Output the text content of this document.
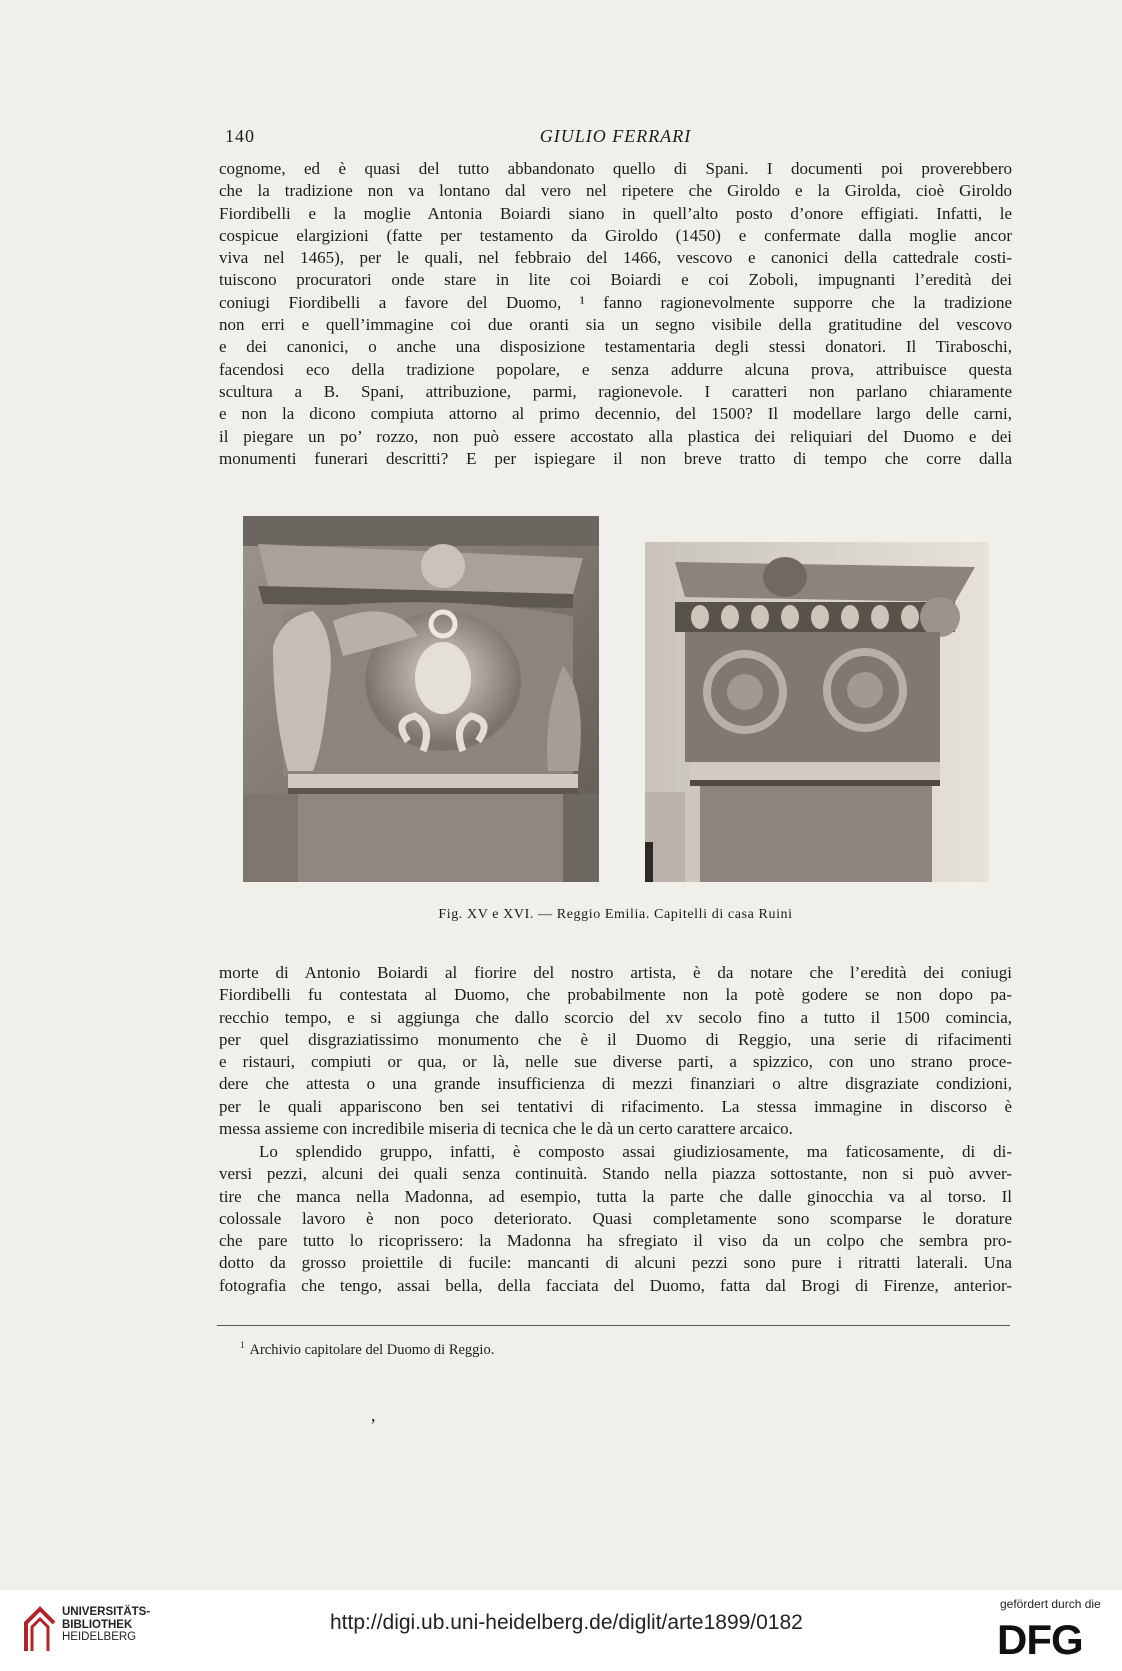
140	GIULIO FERRARI
cognome, ed è quasi del tutto abbandonato quello di Spani. I documenti poi proverebbero
che la tradizione non va lontano dal vero nel ripetere che Giroldo e la Girolda, cioè Giroldo
Fiordibelli e la moglie Antonia Boiardi siano in quell’alto posto d’onore effigiati. Infatti, le
cospicue elargizioni (fatte per testamento da Giroldo (1450) e confermate dalla moglie ancor
viva nel 1465), per le quali, nel febbraio del 1466, vescovo e canonici della cattedrale costi-
tuiscono procuratori onde stare in lite coi Boiardi e coi Zoboli, impugnanti l’eredità dei
coniugi Fiordibelli a favore del Duomo, ¹ fanno ragionevolmente supporre che la tradizione
non erri e quell’immagine coi due oranti sia un segno visibile della gratitudine del vescovo
e dei canonici, o anche una disposizione testamentaria degli stessi donatori. Il Tiraboschi,
facendosi eco della tradizione popolare, e senza addurre alcuna prova, attribuisce questa
scultura a B. Spani, attribuzione, parmi, ragionevole. I caratteri non parlano chiaramente
e non la dicono compiuta attorno al primo decennio, del 1500? Il modellare largo delle carni,
il piegare un po’ rozzo, non può essere accostato alla plastica dei reliquiari del Duomo e dei
monumenti funerari descritti? E per ispiegare il non breve tratto di tempo che corre dalla
Fig. XV e XVI. — Reggio Emilia. Capitelli di casa Ruini
morte di Antonio Boiardi al fiorire del nostro artista, è da notare che l’eredità dei coniugi
Fiordibelli fu contestata al Duomo, che probabilmente non la potè godere se non dopo pa-
recchio tempo, e si aggiunga che dallo scorcio del xv secolo fino a tutto il 1500 comincia,
per quel disgraziatissimo monumento che è il Duomo di Reggio, una serie di rifacimenti
e ristauri, compiuti or qua, or là, nelle sue diverse parti, a spizzico, con uno strano proce-
dere che attesta o una grande insufficienza di mezzi finanziari o altre disgraziate condizioni,
per le quali appariscono ben sei tentativi di rifacimento. La stessa immagine in discorso è
messa assieme con incredibile miseria di tecnica che le dà un certo carattere arcaico.
Lo splendido gruppo, infatti, è composto assai giudiziosamente, ma faticosamente, di di-
versi pezzi, alcuni dei quali senza continuità. Stando nella piazza sottostante, non si può avver-
tire che manca nella Madonna, ad esempio, tutta la parte che dalle ginocchia va al torso. Il
colossale lavoro è non poco deteriorato. Quasi completamente sono scomparse le dorature
che pare tutto lo ricoprissero: la Madonna ha sfregiato il viso da un colpo che sembra pro-
dotto da grosso proiettile di fucile: mancanti di alcuni pezzi sono pure i ritratti laterali. Una
fotografia che tengo, assai bella, della facciata del Duomo, fatta dal Brogi di Firenze, anterior-
$^1$ Archivio capitolare del Duomo di Reggio.
,
UNIVERSITÄTS-
BIBLIOTHEK
HEIDELBERG
http://digi.ub.uni-heidelberg.de/diglit/arte1899/0182
gefördert durch die
DFG
